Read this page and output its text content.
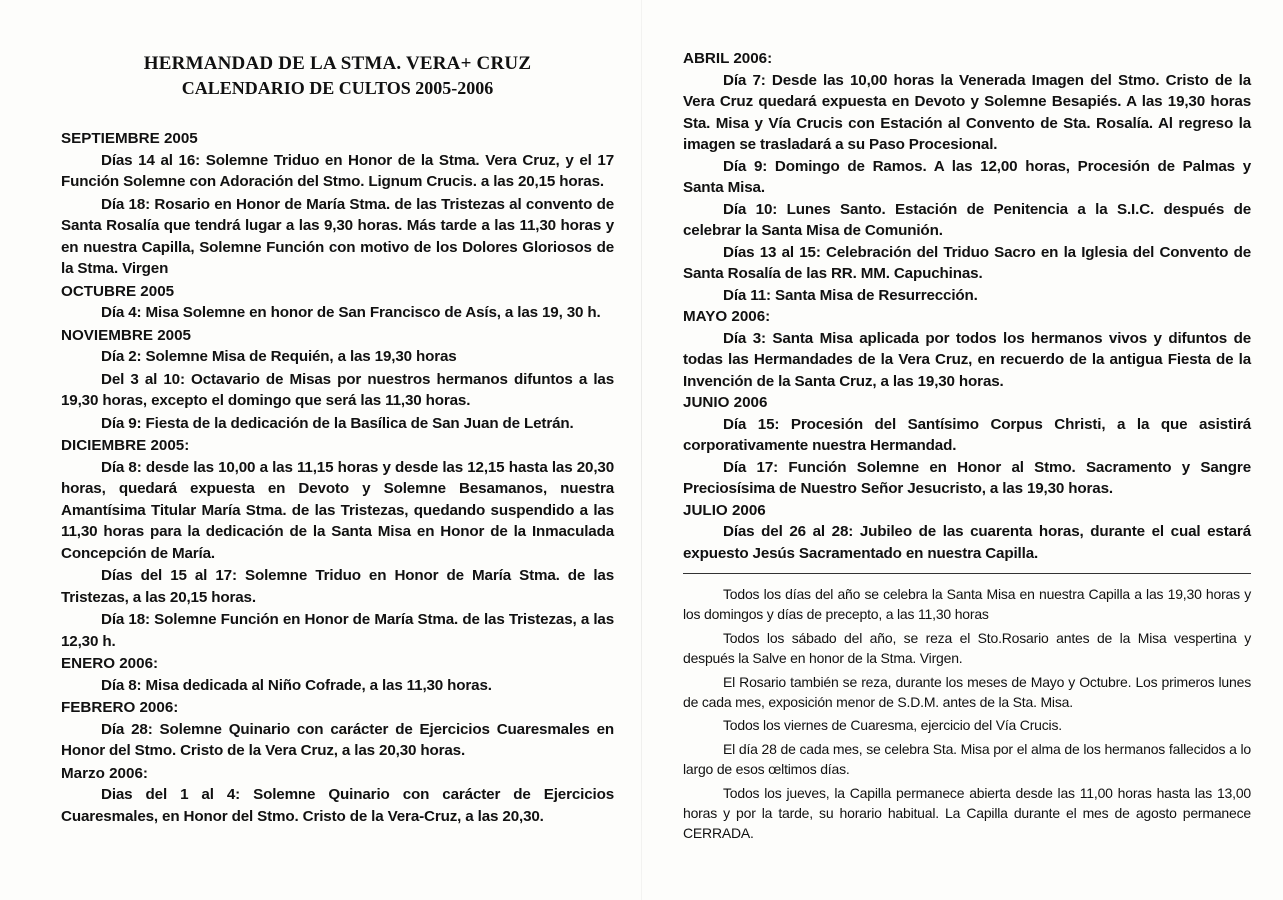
HERMANDAD DE LA STMA. VERA+ CRUZ
CALENDARIO DE CULTOS 2005-2006

SEPTIEMBRE 2005

Días 14 al 16: Solemne Triduo en Honor de la Stma. Vera Cruz, y el 17 Función Solemne con Adoración del Stmo. Lignum Crucis. a las 20,15 horas.

Día 18: Rosario en Honor de María Stma. de las Tristezas al convento de Santa Rosalía que tendrá lugar a las 9,30 horas. Más tarde a las 11,30 horas y en nuestra Capilla, Solemne Función con motivo de los Dolores Gloriosos de la Stma. Virgen

OCTUBRE 2005

Día 4: Misa Solemne en honor de San Francisco de Asís, a las 19, 30 h.

NOVIEMBRE 2005

Día 2: Solemne Misa de Requién, a las 19,30 horas

Del 3 al 10: Octavario de Misas por nuestros hermanos difuntos a las 19,30 horas, excepto el domingo que será las 11,30 horas.

Día 9: Fiesta de la dedicación de la Basílica de San Juan de Letrán.

DICIEMBRE 2005:

Día 8: desde las 10,00 a las 11,15 horas y desde las 12,15 hasta las 20,30 horas, quedará expuesta en Devoto y Solemne Besamanos, nuestra Amantísima Titular María Stma. de las Tristezas, quedando suspendido a las 11,30 horas para la dedicación de la Santa Misa en Honor de la Inmaculada Concepción de María.

Días del 15 al 17: Solemne Triduo en Honor de María Stma. de las Tristezas, a las 20,15 horas.

Día 18: Solemne Función en Honor de María Stma. de las Tristezas, a las 12,30 h.

ENERO 2006:

Día 8: Misa dedicada al Niño Cofrade, a las 11,30 horas.

FEBRERO 2006:

Día 28: Solemne Quinario con carácter de Ejercicios Cuaresmales en Honor del Stmo. Cristo de la Vera Cruz, a las 20,30 horas.

Marzo 2006:

Dias del 1 al 4: Solemne Quinario con carácter de Ejercicios Cuaresmales, en Honor del Stmo. Cristo de la Vera-Cruz, a las 20,30.

ABRIL 2006:

Día 7: Desde las 10,00 horas la Venerada Imagen del Stmo. Cristo de la Vera Cruz quedará expuesta en Devoto y Solemne Besapiés. A las 19,30 horas Sta. Misa y Vía Crucis con Estación al Convento de Sta. Rosalía. Al regreso la imagen se trasladará a su Paso Procesional.

Día 9: Domingo de Ramos. A las 12,00 horas, Procesión de Palmas y Santa Misa.

Día 10: Lunes Santo. Estación de Penitencia a la S.I.C. después de celebrar la Santa Misa de Comunión.

Días 13 al 15: Celebración del Triduo Sacro en la Iglesia del Convento de Santa Rosalía de las RR. MM. Capuchinas.

Día 11: Santa Misa de Resurrección.

MAYO 2006:

Día 3: Santa Misa aplicada por todos los hermanos vivos y difuntos de todas las Hermandades de la Vera Cruz, en recuerdo de la antigua Fiesta de la Invención de la Santa Cruz, a las 19,30 horas.

JUNIO 2006

Día 15: Procesión del Santísimo Corpus Christi, a la que asistirá corporativamente nuestra Hermandad.

Día 17: Función Solemne en Honor al Stmo. Sacramento y Sangre Preciosísima de Nuestro Señor Jesucristo, a las 19,30 horas.

JULIO 2006

Días del 26 al 28: Jubileo de las cuarenta horas, durante el cual estará expuesto Jesús Sacramentado en nuestra Capilla.

Todos los días del año se celebra la Santa Misa en nuestra Capilla a las 19,30 horas y los domingos y días de precepto, a las 11,30 horas

Todos los sábado del año, se reza el Sto.Rosario antes de la Misa vespertina y después la Salve en honor de la Stma. Virgen.

El Rosario también se reza, durante los meses de Mayo y Octubre. Los primeros lunes de cada mes, exposición menor de S.D.M. antes de la Sta. Misa.

Todos los viernes de Cuaresma, ejercicio del Vía Crucis.

El día 28 de cada mes, se celebra Sta. Misa por el alma de los hermanos fallecidos a lo largo de esos œltimos días.

Todos los jueves, la Capilla permanece abierta desde las 11,00 horas hasta las 13,00 horas y por la tarde, su horario habitual. La Capilla durante el mes de agosto permanece CERRADA.
